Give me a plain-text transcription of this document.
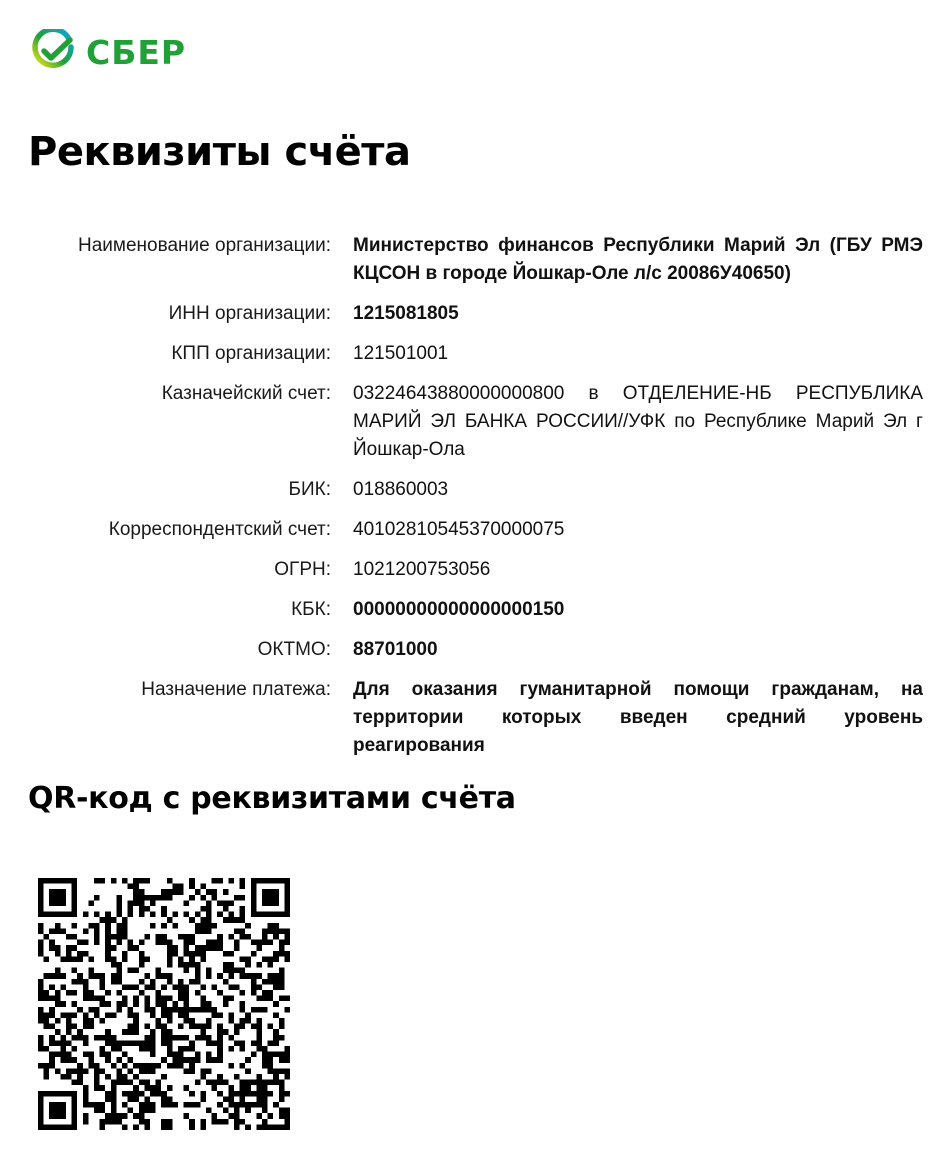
СБЕР
Реквизиты счёта
Наименование организации: Министерство финансов Республики Марий Эл (ГБУ РМЭ КЦСОН в городе Йошкар-Оле л/с 20086У40650)
ИНН организации: 1215081805
КПП организации: 121501001
Казначейский счет: 03224643880000000800 в ОТДЕЛЕНИЕ-НБ РЕСПУБЛИКА МАРИЙ ЭЛ БАНКА РОССИИ//УФК по Республике Марий Эл г Йошкар-Ола
БИК: 018860003
Корреспондентский счет: 40102810545370000075
ОГРН: 1021200753056
КБК: 00000000000000000150
ОКТМО: 88701000
Назначение платежа: Для оказания гуманитарной помощи гражданам, на территории которых введен средний уровень реагирования
QR-код с реквизитами счёта
